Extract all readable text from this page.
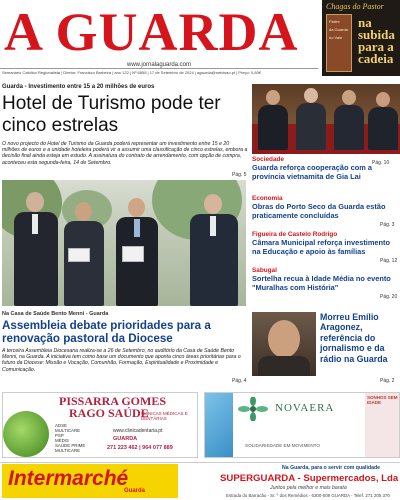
A GUARDA
www.jornalaguarda.com
Semanário Católico Regionalista | Diretor: Francisco Barbeira | ano 122 | Nº 6855 | 17 de Setembro de 2024 | agaurda@netvisao.pt | Preço: 0,80€
Chagas do Pastor
Padre
da Guarda
no Vale
na
subida
para a
cadeia
Guarda - Investimento entre 15 a 20 milhões de euros
Hotel de Turismo pode ter cinco estrelas
O novo projecto do Hotel de Turismo da Guarda poderá representar um investimento entre 15 e 20 milhões de euros e a unidade hoteleira poderá vir a assumir uma classificação de cinco estrelas, embora a decisão final ainda esteja em estudo. A assinatura do contrato de arrendamento, com opção de compra, aconteceu esta segunda-feira, 14 de Setembro.
Pág. 5
Na Casa de Saúde Bento Menni - Guarda
Assembleia debate prioridades para a renovação pastoral da Diocese
A terceira Assembleia Diocesana realiza-se a 26 de Setembro, no auditório da Casa de Saúde Bento Menni, na Guarda. A iniciativa tem como base um documento que aponta cinco áreas prioritárias para o futuro da Diocese: Missão e Vocação, Comunhão, Formação, Espiritualidade e Proximidade e Comunicação.
Pág. 4
Pág. 10
Sociedade
Guarda reforça cooperação com a província vietnamita de Gia Lai
Economia
Obras do Porto Seco da Guarda estão praticamente concluídas
Pág. 3
Figueira de Castelo Rodrigo
Câmara Municipal reforça investimento na Educação e apoio às famílias
Pág. 12
Sabugal
Sortelha recua à Idade Média no evento "Muralhas com História"
Pág. 20
Morreu Emílio Aragonez, referência do jornalismo e da rádio na Guarda
Pág. 2
PISSARRA GOMES
RAGO SAÚDE
CLÍNICAS MÉDICAS E DENTÁRIAS
ADSE
MULTICARE
PSP
MÉDIS
SAÚDE PRIME
MULTICARE
www.clinicadentaria.pt
GUARDA
271 223 462 | 964 077 889
NOVAERA
SOLIDARIEDADE EM MOVIMENTO
SONHOS SEM IDADE
Intermarché
Guarda
Na Guarda, para o servir com qualidade
SUPERGUARDA - Supermercados, Lda
Juntos pela melhor e mais barata
Estrada do Barracão - Sr. º dos Remédios - 6300-009 GUARDA - Telef. 271 205 370
